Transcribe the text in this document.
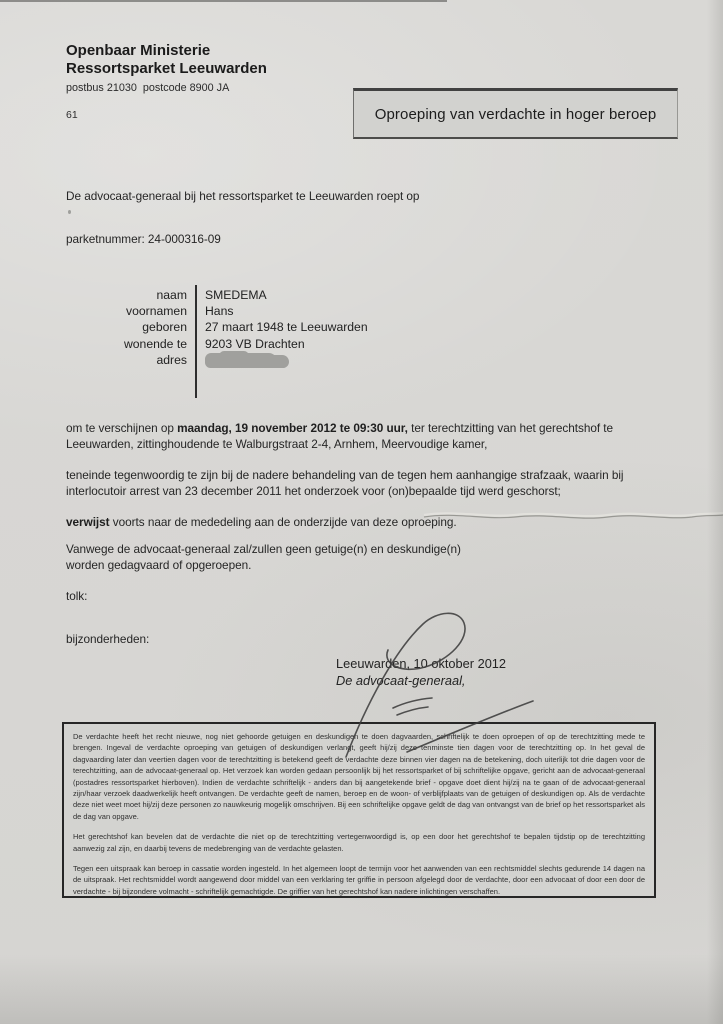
Openbaar Ministerie
Ressortsparket Leeuwarden
postbus 21030  postcode 8900 JA
61	Oproeping van verdachte in hoger beroep
De advocaat-generaal bij het ressortsparket te Leeuwarden roept op
parketnummer: 24-000316-09
naam	SMEDEMA
voornamen	Hans
geboren	27 maart 1948 te Leeuwarden
wonende te	9203 VB Drachten
adres
om te verschijnen op maandag, 19 november 2012 te 09:30 uur, ter terechtzitting van het gerechtshof te Leeuwarden, zittinghoudende te Walburgstraat 2-4, Arnhem, Meervoudige kamer,
teneinde tegenwoordig te zijn bij de nadere behandeling van de tegen hem aanhangige strafzaak, waarin bij interlocutoir arrest van 23 december 2011 het onderzoek voor (on)bepaalde tijd werd geschorst;
verwijst voorts naar de mededeling aan de onderzijde van deze oproeping.
Vanwege de advocaat-generaal zal/zullen geen getuige(n) en deskundige(n) worden gedagvaard of opgeroepen.
tolk:
bijzonderheden:
Leeuwarden, 10 oktober 2012
De advocaat-generaal,

De verdachte heeft het recht nieuwe, nog niet gehoorde getuigen en deskundigen te doen dagvaarden, schriftelijk te doen oproepen of op de terechtzitting mede te brengen. Ingeval de verdachte oproeping van getuigen of deskundigen verlangt, geeft hij/zij deze tenminste tien dagen voor de terechtzitting op. In het geval de dagvaarding later dan veertien dagen voor de terechtzitting is betekend geeft de verdachte deze binnen vier dagen na de betekening, doch uiterlijk tot drie dagen voor de terechtzitting, aan de advocaat-generaal op. Het verzoek kan worden gedaan persoonlijk bij het ressortsparket of bij schriftelijke opgave, gericht aan de advocaat-generaal (postadres ressortsparket hierboven). Indien de verdachte schriftelijk - anders dan bij aangetekende brief - opgave doet dient hij/zij na te gaan of de advocaat-generaal zijn/haar verzoek daadwerkelijk heeft ontvangen. De verdachte geeft de namen, beroep en de woon- of verblijfplaats van de getuigen of deskundigen op. Als de verdachte deze niet weet moet hij/zij deze personen zo nauwkeurig mogelijk omschrijven. Bij een schriftelijke opgave geldt de dag van ontvangst van de brief op het ressortsparket als de dag van opgave.

Het gerechtshof kan bevelen dat de verdachte die niet op de terechtzitting vertegenwoordigd is, op een door het gerechtshof te bepalen tijdstip op de terechtzitting aanwezig zal zijn, en daarbij tevens de medebrenging van de verdachte gelasten.

Tegen een uitspraak kan beroep in cassatie worden ingesteld. In het algemeen loopt de termijn voor het aanwenden van een rechtsmiddel slechts gedurende 14 dagen na de uitspraak. Het rechtsmiddel wordt aangewend door middel van een verklaring ter griffie in persoon afgelegd door de verdachte, door een advocaat of door een door de verdachte - bij bijzondere volmacht - schriftelijk gemachtigde. De griffier van het gerechtshof kan nadere inlichtingen verschaffen.
